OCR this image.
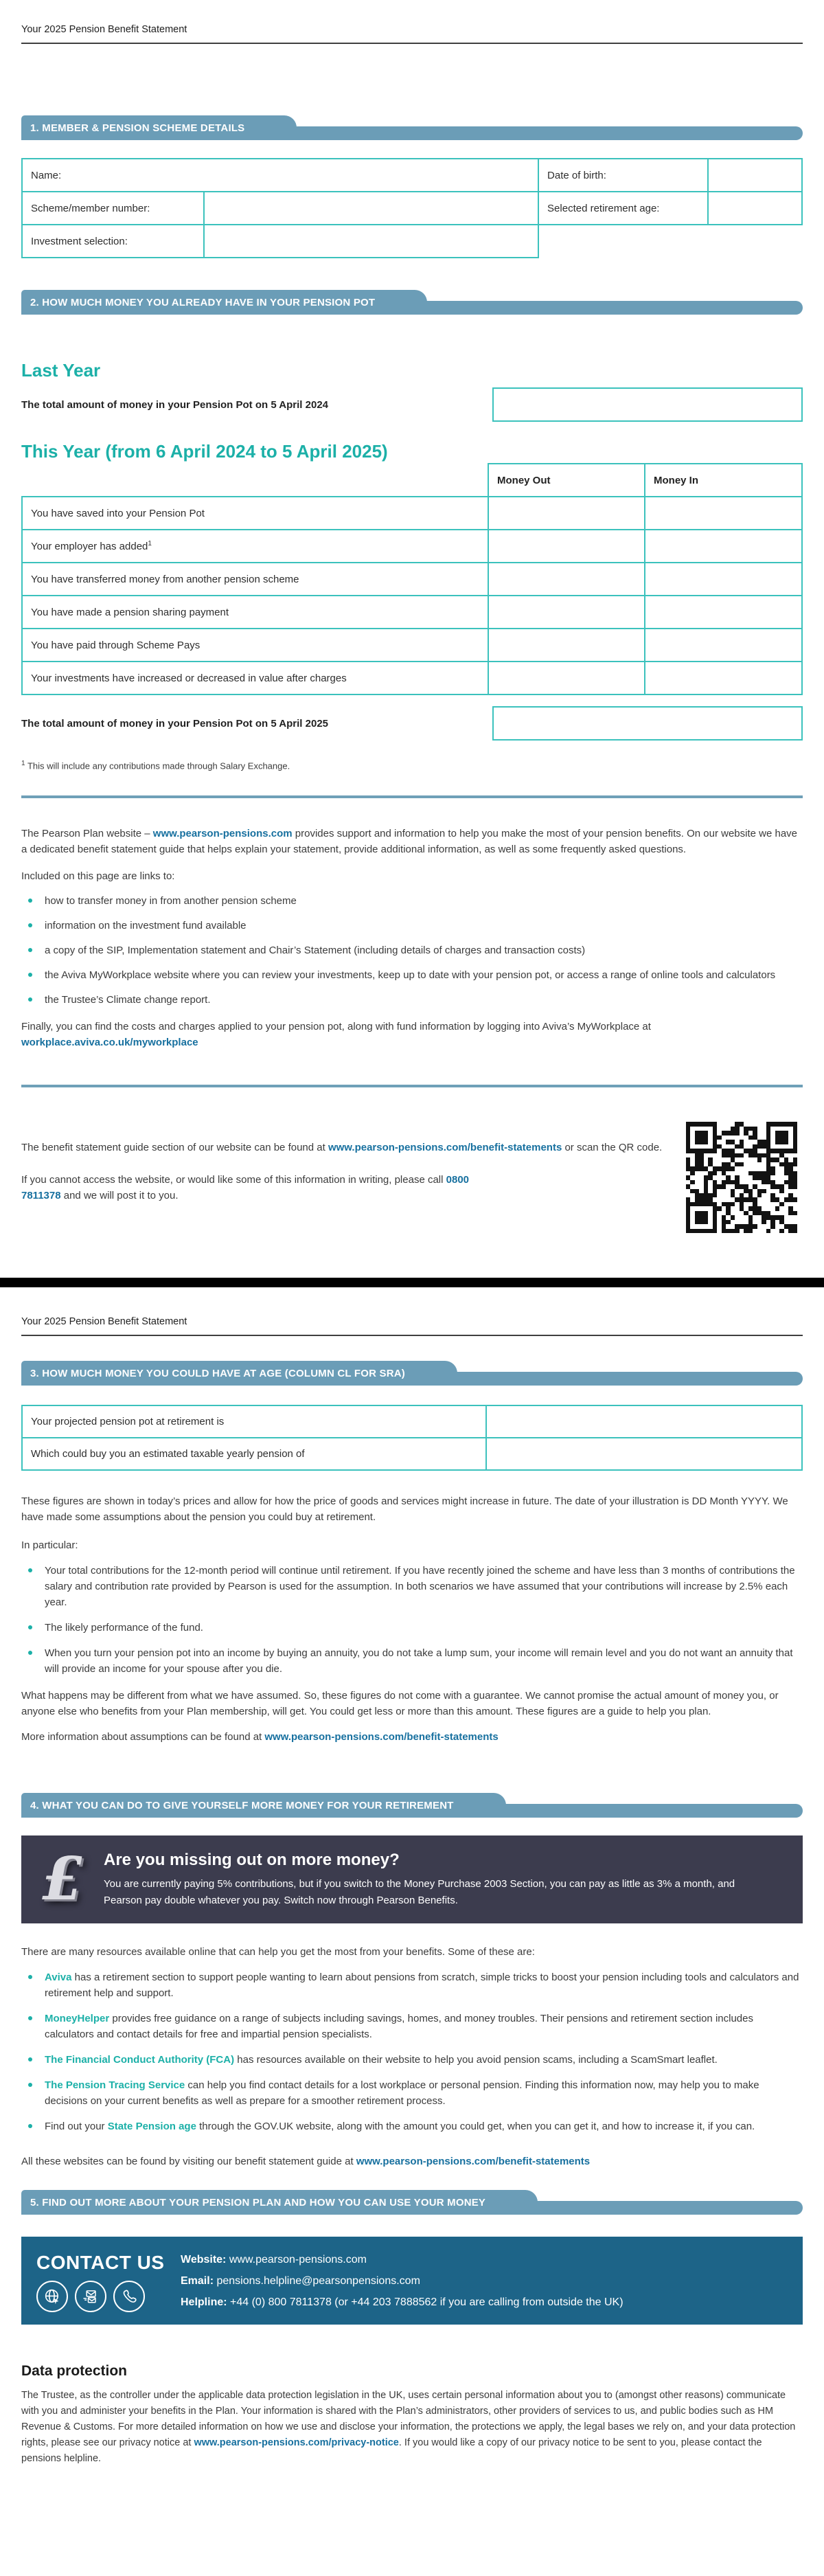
Your 2025 Pension Benefit Statement
1. MEMBER & PENSION SCHEME DETAILS
Name:	
Scheme/member number:	
Investment selection:	
Date of birth:	
Selected retirement age:	
2. HOW MUCH MONEY YOU ALREADY HAVE IN YOUR PENSION POT
Last Year
The total amount of money in your Pension Pot on 5 April 2024
This Year (from 6 April 2024 to 5 April 2025)
	Money Out	Money In
You have saved into your Pension Pot		
Your employer has added$^1$		
You have transferred money from another pension scheme		
You have made a pension sharing payment		
You have paid through Scheme Pays		
Your investments have increased or decreased in value after charges		
The total amount of money in your Pension Pot on 5 April 2025
$^1$ This will include any contributions made through Salary Exchange.

The Pearson Plan website – www.pearson-pensions.com provides support and information to help you make the most of your pension benefits. On our website we have a dedicated benefit statement guide that helps explain your statement, provide additional information, as well as some frequently asked questions.

Included on this page are links to:

how to transfer money in from another pension scheme
information on the investment fund available
a copy of the SIP, Implementation statement and Chair’s Statement (including details of charges and transaction costs)
the Aviva MyWorkplace website where you can review your investments, keep up to date with your pension pot, or access a range of online tools and calculators
the Trustee’s Climate change report.

Finally, you can find the costs and charges applied to your pension pot, along with fund information by logging into Aviva’s MyWorkplace at workplace.aviva.co.uk/myworkplace

The benefit statement guide section of our website can be found at www.pearson-pensions.com/benefit-statements or scan the QR code.

If you cannot access the website, or would like some of this information in writing, please call 0800 7811378 and we will post it to you.

Your 2025 Pension Benefit Statement
3. HOW MUCH MONEY YOU COULD HAVE AT AGE (COLUMN CL FOR SRA)
Your projected pension pot at retirement is	
Which could buy you an estimated taxable yearly pension of	

These figures are shown in today’s prices and allow for how the price of goods and services might increase in future. The date of your illustration is DD Month YYYY. We have made some assumptions about the pension you could buy at retirement.

In particular:

Your total contributions for the 12-month period will continue until retirement. If you have recently joined the scheme and have less than 3 months of contributions the salary and contribution rate provided by Pearson is used for the assumption. In both scenarios we have assumed that your contributions will increase by 2.5% each year.
The likely performance of the fund.
When you turn your pension pot into an income by buying an annuity, you do not take a lump sum, your income will remain level and you do not want an annuity that will provide an income for your spouse after you die.

What happens may be different from what we have assumed. So, these figures do not come with a guarantee. We cannot promise the actual amount of money you, or anyone else who benefits from your Plan membership, will get. You could get less or more than this amount. These figures are a guide to help you plan.

More information about assumptions can be found at www.pearson-pensions.com/benefit-statements

4. WHAT YOU CAN DO TO GIVE YOURSELF MORE MONEY FOR YOUR RETIREMENT
£	Are you missing out on more money?
You are currently paying 5% contributions, but if you switch to the Money Purchase 2003 Section, you can pay as little as 3% a month, and Pearson pay double whatever you pay. Switch now through Pearson Benefits.

There are many resources available online that can help you get the most from your benefits. Some of these are:

Aviva has a retirement section to support people wanting to learn about pensions from scratch, simple tricks to boost your pension including tools and calculators and retirement help and support.
MoneyHelper provides free guidance on a range of subjects including savings, homes, and money troubles. Their pensions and retirement section includes calculators and contact details for free and impartial pension specialists.
The Financial Conduct Authority (FCA) has resources available on their website to help you avoid pension scams, including a ScamSmart leaflet.
The Pension Tracing Service can help you find contact details for a lost workplace or personal pension. Finding this information now, may help you to make decisions on your current benefits as well as prepare for a smoother retirement process.
Find out your State Pension age through the GOV.UK website, along with the amount you could get, when you can get it, and how to increase it, if you can.

All these websites can be found by visiting our benefit statement guide at www.pearson-pensions.com/benefit-statements

5. FIND OUT MORE ABOUT YOUR PENSION PLAN AND HOW YOU CAN USE YOUR MONEY
CONTACT US	Website: www.pearson-pensions.com
Email: pensions.helpline@pearsonpensions.com
Helpline: +44 (0) 800 7811378 (or +44 203 7888562 if you are calling from outside the UK)
Data protection

The Trustee, as the controller under the applicable data protection legislation in the UK, uses certain personal information about you to (amongst other reasons) communicate with you and administer your benefits in the Plan. Your information is shared with the Plan’s administrators, other providers of services to us, and public bodies such as HM Revenue & Customs. For more detailed information on how we use and disclose your information, the protections we apply, the legal bases we rely on, and your data protection rights, please see our privacy notice at www.pearson-pensions.com/privacy-notice. If you would like a copy of our privacy notice to be sent to you, please contact the pensions helpline.
